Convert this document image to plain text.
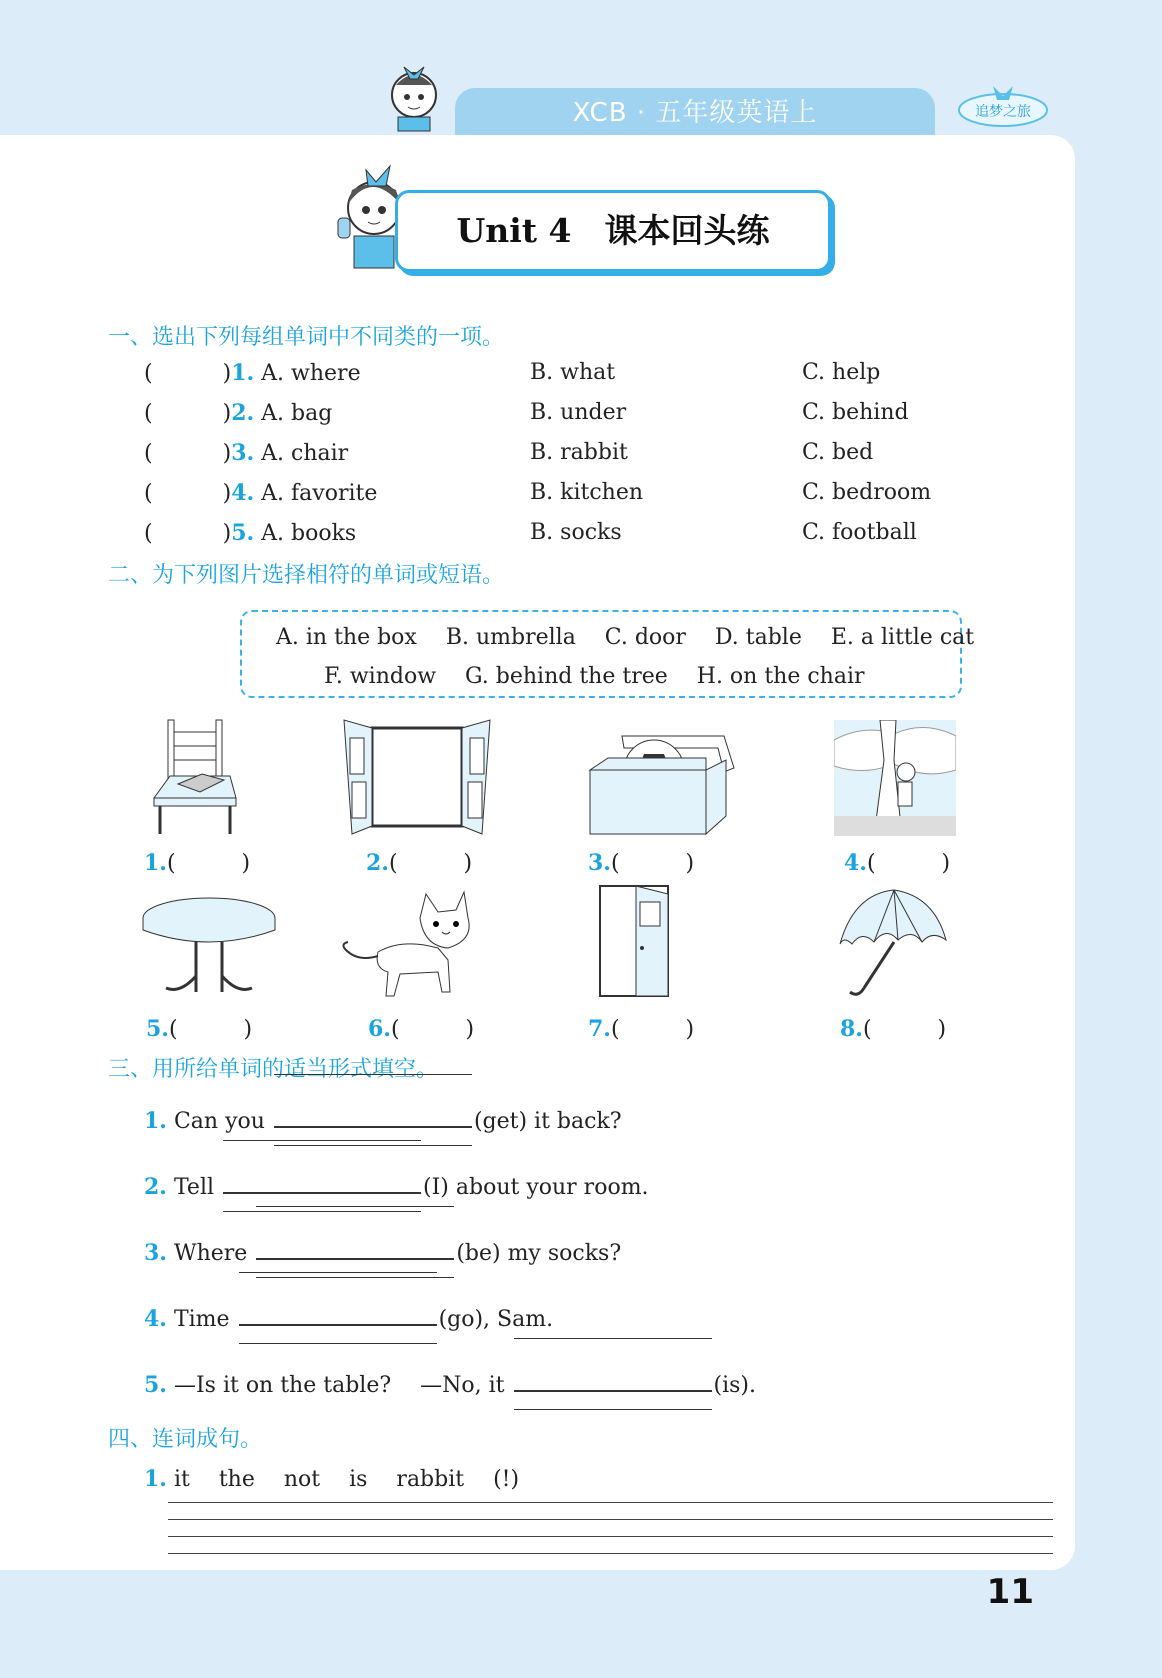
XCB · 五年级英语上	追梦之旅
Unit 4　课本回头练
一、选出下列每组单词中不同类的一项。
(	)1. A. where	B. what	C. help
(	)2. A. bag	B. under	C. behind
(	)3. A. chair	B. rabbit	C. bed
(	)4. A. favorite	B. kitchen	C. bedroom
(	)5. A. books	B. socks	C. football
二、为下列图片选择相符的单词或短语。
A. in the box　 B. umbrella　 C. door　 D. table　 E. a little cat
F. window　 G. behind the tree　 H. on the chair
1.(　　　)	2.(　　　)	3.(　　　)	4.(　　　)
5.(　　　)	6.(　　　)	7.(　　　)	8.(　　　)
三、用所给单词的适当形式填空。
1. Can you	(get) it back?
2. Tell	(I) about your room.
3. Where	(be) my socks?
4. Time	(go), Sam.
5. —Is it on the table?　 —No, it	(is).
四、连词成句。
1. it　 the　 not　 is　 rabbit　 (!)
11
